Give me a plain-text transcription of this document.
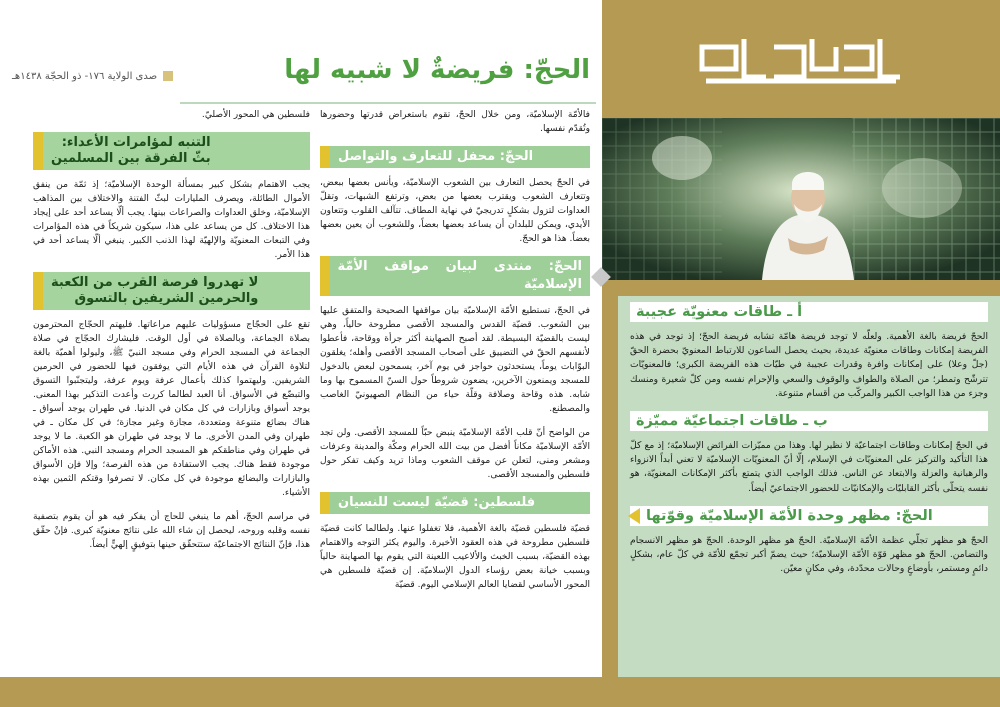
أ ـ طاقات معنويّة عجيبة

الحجّ فريضة بالغة الأهمية. ولعلّه لا توجد فريضة هامّة تشابه فريضة الحجّ؛ إذ توجد في هذه الفريضة إمكانات وطاقات معنويّة عديدة، بحيث يحصل الساعون للارتباط المعنويّ بحضرة الحقّ (جلّ وعلا) على إمكانات وافرة وقدرات عجيبة في طيّات هذه الفريضة الكبرى؛ فالمعنويّات تترشّح وتمطر؛ من الصلاة والطواف والوقوف والسعي والإحرام نفسه ومن كلّ شعيرة ومنسك وجزء من هذا الواجب الكبير والمركّب من أقسام متنوعة.

ب ـ طاقات اجتماعيّة مميّزة

في الحجّ إمكانات وطاقات اجتماعيّة لا نظير لها. وهذا من مميّزات الفرائض الإسلاميّة؛ إذ مع كلّ هذا التأكيد والتركيز على المعنويّات في الإسلام، إلّا أنّ المعنويّات الإسلاميّة لا تعني أبداً الانزواء والرهبانية والعزلة والابتعاد عن الناس. فذلك الواجب الذي يتمتع بأكثر الإمكانات المعنويّة، هو نفسه يتحلّى بأكثر القابليّات والإمكانيّات للحضور الاجتماعيّ أيضاً.

الحجّ: مظهر وحدة الأمّة الإسلاميّة وقوّتها

الحجّ هو مظهر تجلّي عظمة الأمّة الإسلاميّة. الحجّ هو مظهر الوحدة. الحجّ هو مظهر الانسجام والتضامن. الحجّ هو مظهر قوّة الأمّة الإسلاميّة؛ حيث يضمّ أكبر تجمّع للأمّة في كلّ عام، بشكلٍ دائمٍ ومستمر، بأوضاعٍ وحالات محدّدة، وفي مكانٍ معيّن.

الحجّ: فريضةٌ لا شبيه لها
صدى الولاية ١٧٦- ذو الحجّة ١٤٣٨هـ

فالأمّة الإسلاميّة، ومن خلال الحجّ، تقوم باستعراض قدرتها وحضورها وتُقدّم نفسها.

الحجّ: محفل للتعارف والتواصل

في الحجّ يحصل التعارف بين الشعوب الإسلاميّة، ويأنس بعضها ببعض، وتتعارف الشعوب ويقترب بعضها من بعض، وترتفع الشبهات، وتقلّ العداوات لتزول بشكلٍ تدريجيّ في نهاية المطاف. تتآلف القلوب وتتعاون الأيدي، ويمكن للبلدان أن يساعد بعضها بعضاً، وللشعوب أن يعين بعضها بعضاً. هذا هو الحجّ.

الحجّ: منتدى لبيان مواقف الأمّة الإسلاميّة

في الحجّ، تستطيع الأمّة الإسلاميّة بيان مواقفها الصحيحة والمتفق عليها بين الشعوب. قضيّة القدس والمسجد الأقصى مطروحة حالياً، وهي ليست بالقضيّة البسيطة. لقد أصبح الصهاينة أكثر جرأة ووقاحة، فأعطوا لأنفسهم الحقّ في التضييق على أصحاب المسجد الأقصى وأهله؛ يغلقون البوّابات يوماً، يستحدثون حواجز في يوم آخر، يسمحون لبعض بالدخول للمسجد ويمنعون الآخرين، يضعون شروطاً حول السنّ المسموح بها وما شابه. هذه وقاحة وصلافة وقلّة حياء من النظام الصهيونيّ الغاصب والمصطنع.

من الواضح أنّ قلب الأمّة الإسلاميّة ينبض حبّاً للمسجد الأقصى. ولن تجد الأمّة الإسلاميّة مكاناً أفضل من بيت الله الحرام ومكّة والمدينة وعرفات ومشعر ومنى، لتعلن عن موقف الشعوب وماذا تريد وكيف تفكر حول فلسطين والمسجد الأقصى.

فلسطين: قضيّة ليست للنسيان

قضيّة فلسطين قضيّة بالغة الأهمية، فلا تغفلوا عنها. ولطالما كانت قضيّة فلسطين مطروحة في هذه العقود الأخيرة. واليوم يكثر التوجه والاهتمام بهذه القضيّة، بسبب الخبث والألاعيب اللعينة التي يقوم بها الصهاينة حالياً وبسبب خيانة بعض رؤساء الدول الإسلاميّة. إن قضيّة فلسطين هي المحور الأساسي لقضايا العالم الإسلامي اليوم. قضيّة

فلسطين هي المحور الأصليّ.

التنبه لمؤامرات الأعداء:
بثّ الفرقة بين المسلمين

يجب الاهتمام بشكل كبير بمسألة الوحدة الإسلاميّة؛ إذ ثمّة من ينفق الأموال الطائلة، ويصرف المليارات لبثّ الفتنة والاختلاف بين المذاهب الإسلاميّة، وخلق العداوات والصراعات بينها. يجب ألّا يساعد أحد على إيجاد هذا الاختلاف. كل من يساعد على هذا، سيكون شريكاً في هذه المؤامرات وفي التبعات المعنويّة والإلهيّة لهذا الذنب الكبير. ينبغي ألّا يساعد أحد في هذا الأمر.

لا تهدروا فرصة القرب من الكعبة
والحرمين الشريفين بالتسوق

تقع على الحجّاج مسؤوليات عليهم مراعاتها. فليهتم الحجّاج المحترمون بصلاة الجماعة، وبالصلاة في أول الوقت. فليشارك الحجّاج في صلاة الجماعة في المسجد الحرام وفي مسجد النبيّ ﷺ، وليولوا أهميّة بالغة لتلاوة القرآن في هذه الأيام التي يوفقون فيها للحضور في الحرمين الشريفين. وليهتموا كذلك بأعمال عرفة ويوم عرفة، وليتجنّبوا التسوق والتبضّع في الأسواق. أنا العبد لطالما كررت وأعدت التذكير بهذا المعنى. يوجد أسواق وبازارات في كل مكان في الدنيا. في طهران يوجد أسواق ـ هناك بضائع متنوعة ومتعددة، مجازة وغير مجازة؛ في كل مكان ـ في طهران وفي المدن الأخرى. ما لا يوجد في طهران هو الكعبة. ما لا يوجد في طهران وفي مناطقكم هو المسجد الحرام ومسجد النبي. هذه الأماكن موجودة فقط هناك. يجب الاستفادة من هذه الفرصة؛ وإلا فإن الأسواق والبازارات والبضائع موجودة في كل مكان. لا تصرفوا وقتكم الثمين بهذه الأشياء.

في مراسم الحجّ، أهم ما ينبغي للحاج أن يفكر فيه هو أن يقوم بتصفية نفسه وقلبه وروحه، ليحصل إن شاء الله على نتائج معنويّة كبرى. فإنْ حقّق هذا، فإنّ النتائج الاجتماعيّة ستتحقّق حينها بتوفيقٍ إلهيٍّ أيضاً.
